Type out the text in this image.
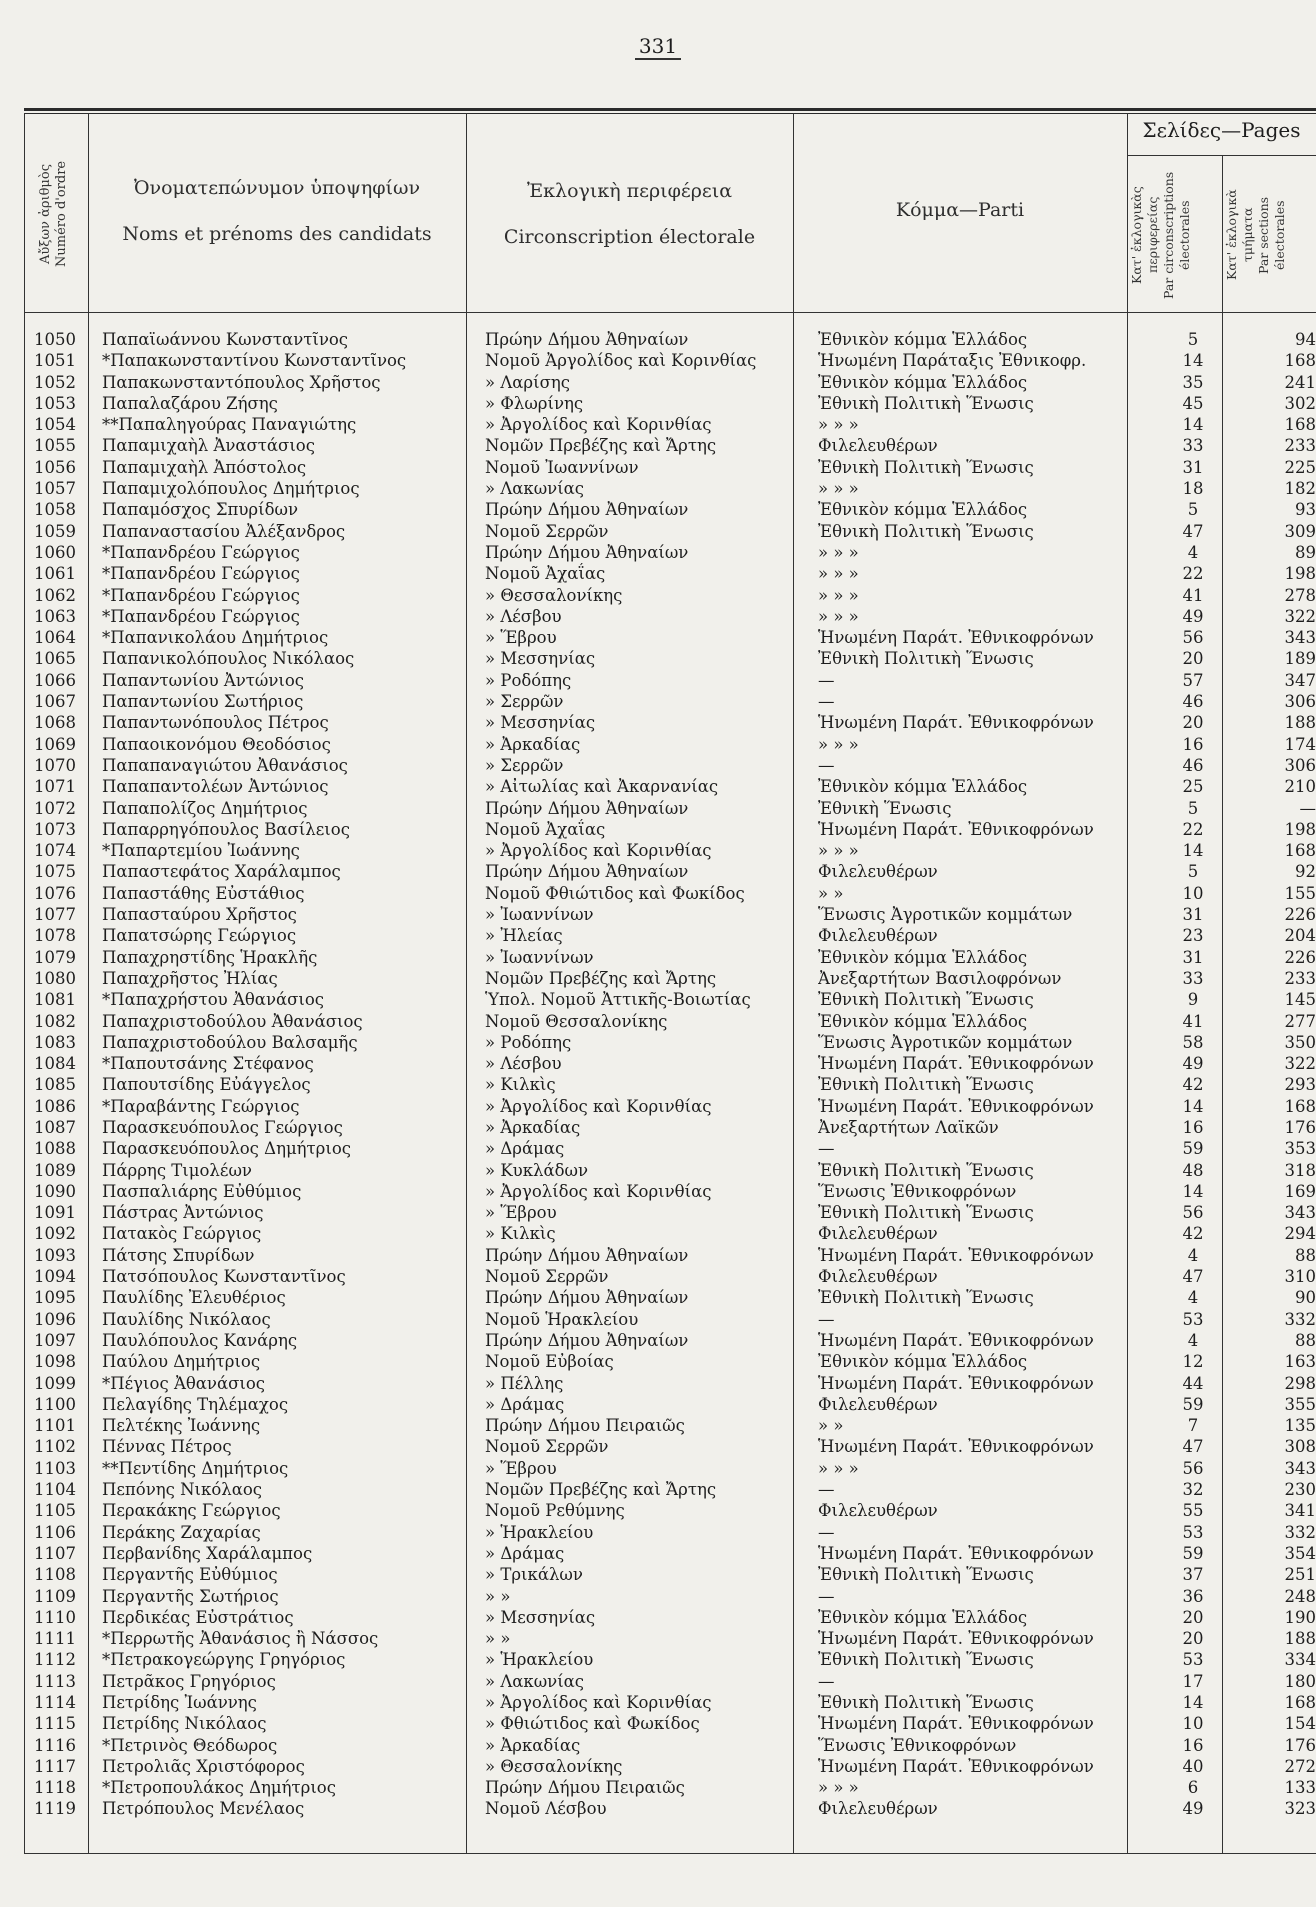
331
Αὔξων ἀριθμὸς Numéro d'ordre	Ὀνοματεπώνυμον ὑποψηφίων
Noms et prénoms des candidats
Ἐκλογικὴ περιφέρεια
Circonscription électorale
Κόμμα—Parti
Σελίδες—Pages
Κατ' ἐκλογικὰς περιφερείας Par circonscriptions électorales	Κατ' ἐκλογικὰ τμήματα Par sections électorales
1050	Παπαϊωάννου Κωνσταντῖνος	Πρώην Δήμου Ἀθηναίων	Ἐθνικὸν κόμμα Ἑλλάδος	5	94
1051	*Παπακωνσταντίνου Κωνσταντῖνος	Νομοῦ Ἀργολίδος καὶ Κορινθίας	Ἡνωμένη Παράταξις Ἐθνικοφρ.	14	168
1052	Παπακωνσταντόπουλος Χρῆστος	» Λαρίσης	Ἐθνικὸν κόμμα Ἑλλάδος	35	241
1053	Παπαλαζάρου Ζήσης	» Φλωρίνης	Ἐθνικὴ Πολιτικὴ Ἕνωσις	45	302
1054	**Παπαληγούρας Παναγιώτης	» Ἀργολίδος καὶ Κορινθίας	» » »	14	168
1055	Παπαμιχαὴλ Ἀναστάσιος	Νομῶν Πρεβέζης καὶ Ἄρτης	Φιλελευθέρων	33	233
1056	Παπαμιχαὴλ Ἀπόστολος	Νομοῦ Ἰωαννίνων	Ἐθνικὴ Πολιτικὴ Ἕνωσις	31	225
1057	Παπαμιχολόπουλος Δημήτριος	» Λακωνίας	» » »	18	182
1058	Παπαμόσχος Σπυρίδων	Πρώην Δήμου Ἀθηναίων	Ἐθνικὸν κόμμα Ἑλλάδος	5	93
1059	Παπαναστασίου Ἀλέξανδρος	Νομοῦ Σερρῶν	Ἐθνικὴ Πολιτικὴ Ἕνωσις	47	309
1060	*Παπανδρέου Γεώργιος	Πρώην Δήμου Ἀθηναίων	» » »	4	89
1061	*Παπανδρέου Γεώργιος	Νομοῦ Ἀχαΐας	» » »	22	198
1062	*Παπανδρέου Γεώργιος	» Θεσσαλονίκης	» » »	41	278
1063	*Παπανδρέου Γεώργιος	» Λέσβου	» » »	49	322
1064	*Παπανικολάου Δημήτριος	» Ἕβρου	Ἡνωμένη Παράτ. Ἐθνικοφρόνων	56	343
1065	Παπανικολόπουλος Νικόλαος	» Μεσσηνίας	Ἐθνικὴ Πολιτικὴ Ἕνωσις	20	189
1066	Παπαντωνίου Ἀντώνιος	» Ροδόπης	—	57	347
1067	Παπαντωνίου Σωτήριος	» Σερρῶν	—	46	306
1068	Παπαντωνόπουλος Πέτρος	» Μεσσηνίας	Ἡνωμένη Παράτ. Ἐθνικοφρόνων	20	188
1069	Παπαοικονόμου Θεοδόσιος	» Ἀρκαδίας	» » »	16	174
1070	Παπαπαναγιώτου Ἀθανάσιος	» Σερρῶν	—	46	306
1071	Παπαπαντολέων Ἀντώνιος	» Αἰτωλίας καὶ Ἀκαρνανίας	Ἐθνικὸν κόμμα Ἑλλάδος	25	210
1072	Παπαπολίζος Δημήτριος	Πρώην Δήμου Ἀθηναίων	Ἐθνικὴ Ἕνωσις	5	—
1073	Παπαρρηγόπουλος Βασίλειος	Νομοῦ Ἀχαΐας	Ἡνωμένη Παράτ. Ἐθνικοφρόνων	22	198
1074	*Παπαρτεμίου Ἰωάννης	» Ἀργολίδος καὶ Κορινθίας	» » »	14	168
1075	Παπαστεφάτος Χαράλαμπος	Πρώην Δήμου Ἀθηναίων	Φιλελευθέρων	5	92
1076	Παπαστάθης Εὐστάθιος	Νομοῦ Φθιώτιδος καὶ Φωκίδος	» »	10	155
1077	Παπασταύρου Χρῆστος	» Ἰωαννίνων	Ἕνωσις Ἀγροτικῶν κομμάτων	31	226
1078	Παπατσώρης Γεώργιος	» Ἠλείας	Φιλελευθέρων	23	204
1079	Παπαχρηστίδης Ἡρακλῆς	» Ἰωαννίνων	Ἐθνικὸν κόμμα Ἑλλάδος	31	226
1080	Παπαχρῆστος Ἠλίας	Νομῶν Πρεβέζης καὶ Ἄρτης	Ἀνεξαρτήτων Βασιλοφρόνων	33	233
1081	*Παπαχρήστου Ἀθανάσιος	Ὑπολ. Νομοῦ Ἀττικῆς-Βοιωτίας	Ἐθνικὴ Πολιτικὴ Ἕνωσις	9	145
1082	Παπαχριστοδούλου Ἀθανάσιος	Νομοῦ Θεσσαλονίκης	Ἐθνικὸν κόμμα Ἑλλάδος	41	277
1083	Παπαχριστοδούλου Βαλσαμῆς	» Ροδόπης	Ἕνωσις Ἀγροτικῶν κομμάτων	58	350
1084	*Παπουτσάνης Στέφανος	» Λέσβου	Ἡνωμένη Παράτ. Ἐθνικοφρόνων	49	322
1085	Παπουτσίδης Εὐάγγελος	» Κιλκὶς	Ἐθνικὴ Πολιτικὴ Ἕνωσις	42	293
1086	*Παραβάντης Γεώργιος	» Ἀργολίδος καὶ Κορινθίας	Ἡνωμένη Παράτ. Ἐθνικοφρόνων	14	168
1087	Παρασκευόπουλος Γεώργιος	» Ἀρκαδίας	Ἀνεξαρτήτων Λαϊκῶν	16	176
1088	Παρασκευόπουλος Δημήτριος	» Δράμας	—	59	353
1089	Πάρρης Τιμολέων	» Κυκλάδων	Ἐθνικὴ Πολιτικὴ Ἕνωσις	48	318
1090	Πασπαλιάρης Εὐθύμιος	» Ἀργολίδος καὶ Κορινθίας	Ἕνωσις Ἐθνικοφρόνων	14	169
1091	Πάστρας Ἀντώνιος	» Ἕβρου	Ἐθνικὴ Πολιτικὴ Ἕνωσις	56	343
1092	Πατακὸς Γεώργιος	» Κιλκὶς	Φιλελευθέρων	42	294
1093	Πάτσης Σπυρίδων	Πρώην Δήμου Ἀθηναίων	Ἡνωμένη Παράτ. Ἐθνικοφρόνων	4	88
1094	Πατσόπουλος Κωνσταντῖνος	Νομοῦ Σερρῶν	Φιλελευθέρων	47	310
1095	Παυλίδης Ἐλευθέριος	Πρώην Δήμου Ἀθηναίων	Ἐθνικὴ Πολιτικὴ Ἕνωσις	4	90
1096	Παυλίδης Νικόλαος	Νομοῦ Ἡρακλείου	—	53	332
1097	Παυλόπουλος Κανάρης	Πρώην Δήμου Ἀθηναίων	Ἡνωμένη Παράτ. Ἐθνικοφρόνων	4	88
1098	Παύλου Δημήτριος	Νομοῦ Εὐβοίας	Ἐθνικὸν κόμμα Ἑλλάδος	12	163
1099	*Πέγιος Ἀθανάσιος	» Πέλλης	Ἡνωμένη Παράτ. Ἐθνικοφρόνων	44	298
1100	Πελαγίδης Τηλέμαχος	» Δράμας	Φιλελευθέρων	59	355
1101	Πελτέκης Ἰωάννης	Πρώην Δήμου Πειραιῶς	» »	7	135
1102	Πέννας Πέτρος	Νομοῦ Σερρῶν	Ἡνωμένη Παράτ. Ἐθνικοφρόνων	47	308
1103	**Πεντίδης Δημήτριος	» Ἕβρου	» » »	56	343
1104	Πεπόνης Νικόλαος	Νομῶν Πρεβέζης καὶ Ἄρτης	—	32	230
1105	Περακάκης Γεώργιος	Νομοῦ Ρεθύμνης	Φιλελευθέρων	55	341
1106	Περάκης Ζαχαρίας	» Ἡρακλείου	—	53	332
1107	Περβανίδης Χαράλαμπος	» Δράμας	Ἡνωμένη Παράτ. Ἐθνικοφρόνων	59	354
1108	Περγαντῆς Εὐθύμιος	» Τρικάλων	Ἐθνικὴ Πολιτικὴ Ἕνωσις	37	251
1109	Περγαντῆς Σωτήριος	» »	—	36	248
1110	Περδικέας Εὐστράτιος	» Μεσσηνίας	Ἐθνικὸν κόμμα Ἑλλάδος	20	190
1111	*Περρωτῆς Ἀθανάσιος ἢ Νάσσος	» »	Ἡνωμένη Παράτ. Ἐθνικοφρόνων	20	188
1112	*Πετρακογεώργης Γρηγόριος	» Ἡρακλείου	Ἐθνικὴ Πολιτικὴ Ἕνωσις	53	334
1113	Πετρᾶκος Γρηγόριος	» Λακωνίας	—	17	180
1114	Πετρίδης Ἰωάννης	» Ἀργολίδος καὶ Κορινθίας	Ἐθνικὴ Πολιτικὴ Ἕνωσις	14	168
1115	Πετρίδης Νικόλαος	» Φθιώτιδος καὶ Φωκίδος	Ἡνωμένη Παράτ. Ἐθνικοφρόνων	10	154
1116	*Πετρινὸς Θεόδωρος	» Ἀρκαδίας	Ἕνωσις Ἐθνικοφρόνων	16	176
1117	Πετρολιᾶς Χριστόφορος	» Θεσσαλονίκης	Ἡνωμένη Παράτ. Ἐθνικοφρόνων	40	272
1118	*Πετροπουλάκος Δημήτριος	Πρώην Δήμου Πειραιῶς	» » »	6	133
1119	Πετρόπουλος Μενέλαος	Νομοῦ Λέσβου	Φιλελευθέρων	49	323
